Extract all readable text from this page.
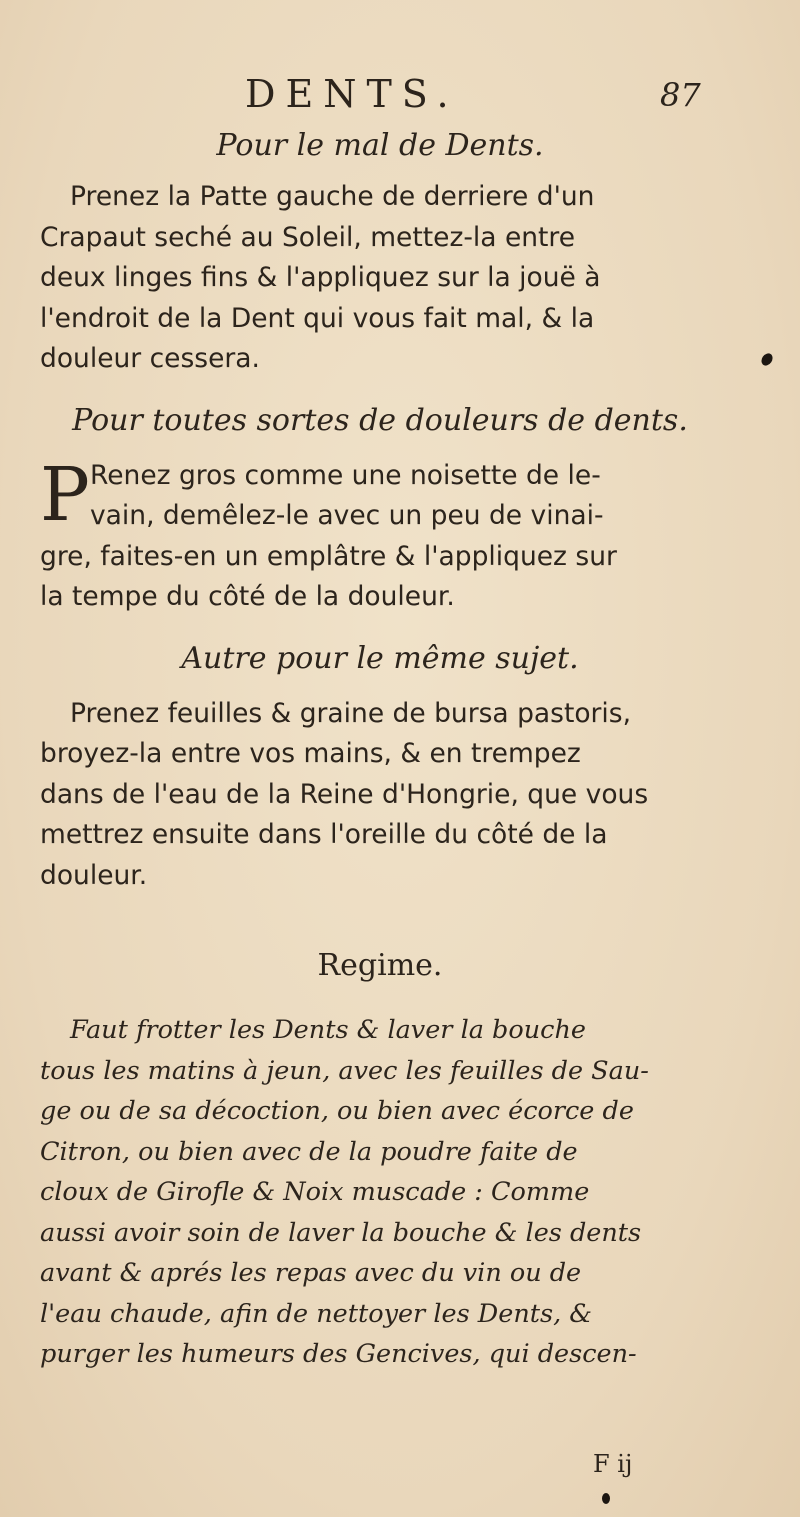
DENTS.	87

Pour le mal de Dents.

Prenez la Patte gauche de derriere d'un
Crapaut seché au Soleil, mettez-la entre
deux linges fins & l'appliquez sur la jouë à
l'endroit de la Dent qui vous fait mal, & la
douleur cessera.

Pour toutes sortes de douleurs de dents.

P Renez gros comme une noisette de le-
vain, demêlez-le avec un peu de vinai-
gre, faites-en un emplâtre & l'appliquez sur
la tempe du côté de la douleur.

Autre pour le même sujet.

Prenez feuilles & graine de bursa pastoris,
broyez-la entre vos mains, & en trempez
dans de l'eau de la Reine d'Hongrie, que vous
mettrez ensuite dans l'oreille du côté de la
douleur.

Regime.

Faut frotter les Dents & laver la bouche
tous les matins à jeun, avec les feuilles de Sau-
ge ou de sa décoction, ou bien avec écorce de
Citron, ou bien avec de la poudre faite de
cloux de Girofle & Noix muscade : Comme
aussi avoir soin de laver la bouche & les dents
avant & aprés les repas avec du vin ou de
l'eau chaude, afin de nettoyer les Dents, &
purger les humeurs des Gencives, qui descen-
F ij
